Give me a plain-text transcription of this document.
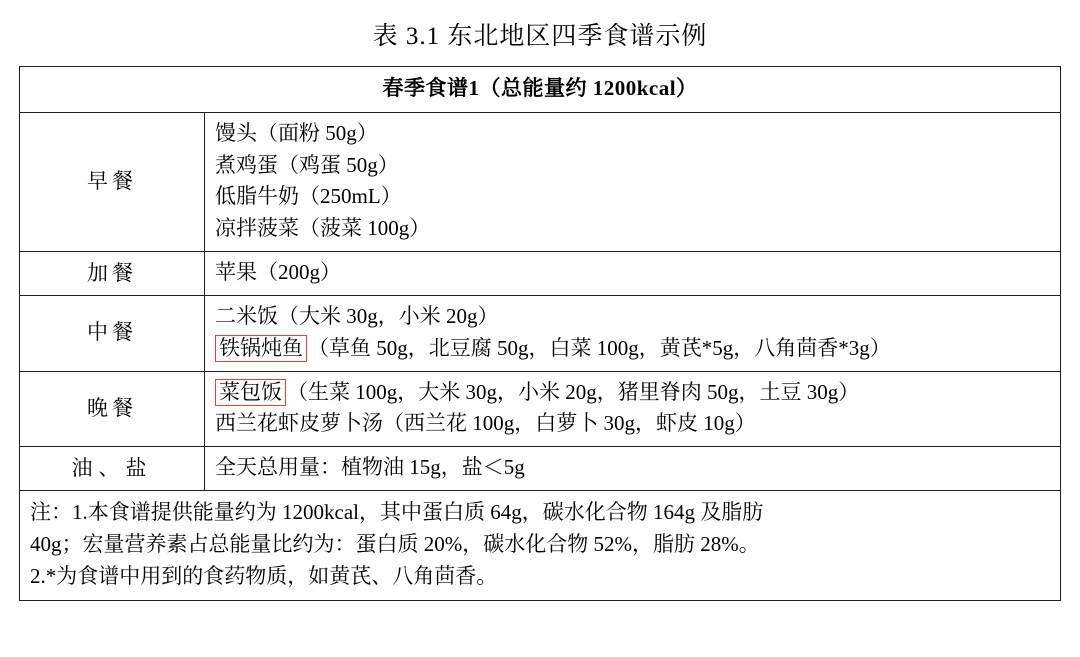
表 3.1 东北地区四季食谱示例
春季食谱1（总能量约 1200kcal）	
早餐	馒头（面粉 50g）
煮鸡蛋（鸡蛋 50g）
低脂牛奶（250mL）
凉拌菠菜（菠菜 100g）

加餐	苹果（200g）

中餐	二米饭（大米 30g，小米 20g）
铁锅炖鱼 （草鱼 50g，北豆腐 50g，白菜 100g，黄芪*5g，八角茴香*3g）

晚餐	菜包饭 （生菜 100g，大米 30g，小米 20g，猪里脊肉 50g，土豆 30g）
西兰花虾皮萝卜汤（西兰花 100g，白萝卜 30g，虾皮 10g）

油、盐	全天总用量：植物油 15g，盐＜5g

注：1.本食谱提供能量约为 1200kcal，其中蛋白质 64g，碳水化合物 164g 及脂肪
40g；宏量营养素占总能量比约为：蛋白质 20%，碳水化合物 52%，脂肪 28%。
2.*为食谱中用到的食药物质，如黄芪、八角茴香。	
